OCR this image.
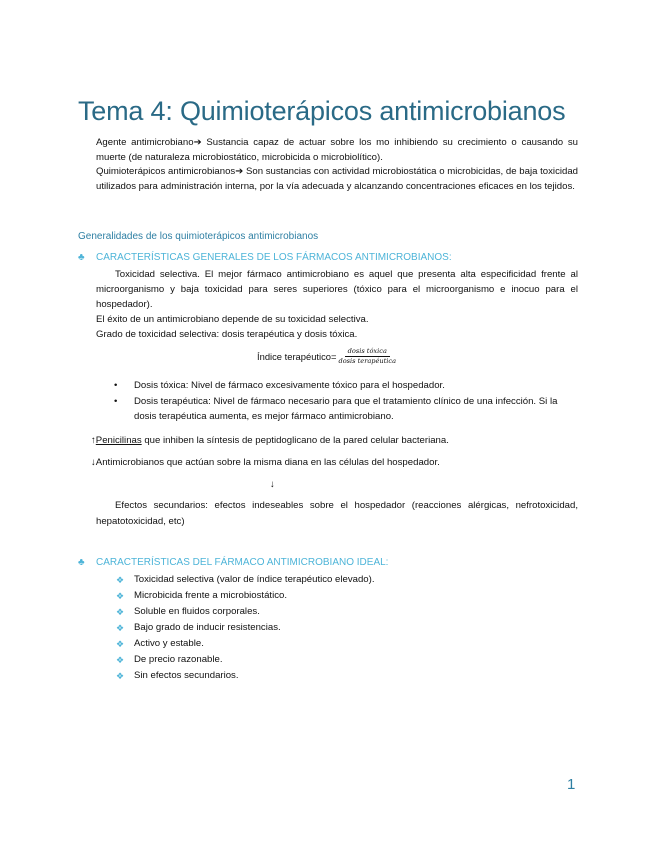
Tema 4: Quimioterápicos antimicrobianos

Agente antimicrobiano➔ Sustancia capaz de actuar sobre los mo inhibiendo su crecimiento o causando su muerte (de naturaleza microbiostático, microbicida o microbiolítico).

Quimioterápicos antimicrobianos➔ Son sustancias con actividad microbiostática o microbicidas, de baja toxicidad utilizados para administración interna, por la vía adecuada y alcanzando concentraciones eficaces en los tejidos.

Generalidades de los quimioterápicos antimicrobianos
♣ CARACTERÍSTICAS GENERALES DE LOS FÁRMACOS ANTIMICROBIANOS:

Toxicidad selectiva. El mejor fármaco antimicrobiano es aquel que presenta alta especificidad frente al microorganismo y baja toxicidad para seres superiores (tóxico para el microorganismo e inocuo para el hospedador).

El éxito de un antimicrobiano depende de su toxicidad selectiva.

Grado de toxicidad selectiva: dosis terapéutica y dosis tóxica.

Índice terapéutico= $\frac{\text{dosis tóxica}}{\text{dosis terapéutica}}$
• Dosis tóxica: Nivel de fármaco excesivamente tóxico para el hospedador.
• Dosis terapéutica: Nivel de fármaco necesario para que el tratamiento clínico de una infección. Si la dosis terapéutica aumenta, es mejor fármaco antimicrobiano.
↑Penicilinas que inhiben la síntesis de peptidoglicano de la pared celular bacteriana.
↓Antimicrobianos que actúan sobre la misma diana en las células del hospedador.
↓

Efectos secundarios: efectos indeseables sobre el hospedador (reacciones alérgicas, nefrotoxicidad, hepatotoxicidad, etc)

♣ CARACTERÍSTICAS DEL FÁRMACO ANTIMICROBIANO IDEAL:
❖ Toxicidad selectiva (valor de índice terapéutico elevado).
❖ Microbicida frente a microbiostático.
❖ Soluble en fluidos corporales.
❖ Bajo grado de inducir resistencias.
❖ Activo y estable.
❖ De precio razonable.
❖ Sin efectos secundarios.
1
